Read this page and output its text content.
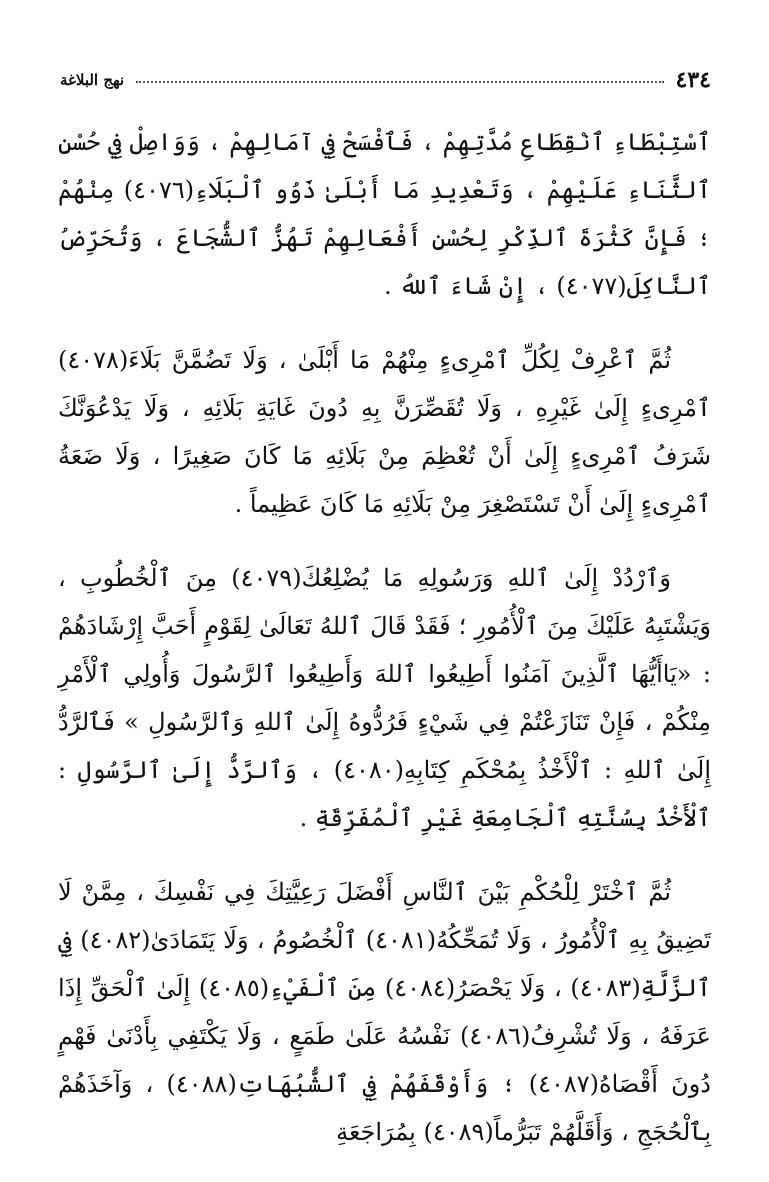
٤٣٤
نهج البلاغة

ٱسْتِبْطَاءِ ٱنْقِطَاعِ مُدَّتِهِمْ ، فَٱفْسَحْ فِي آمَالِهِمْ ، وَوَاصِلْ فِي حُسْنِ ٱلثَّنَاءِ عَلَيْهِمْ ، وَتَعْدِيدِ مَا أَبْلَىٰ ذَوُو ٱلْبَلَاءِ(٤٠٧٦) مِنْهُمْ ؛ فَإِنَّ كَثْرَةَ ٱلذِّكْرِ لِحُسْنِ أَفْعَالِهِمْ تَهُزُّ ٱلشُّجَاعَ ، وَتُحَرِّضُ ٱلنَّاكِلَ(٤٠٧٧) ، إِنْ شَاءَ ٱللهُ .

ثُمَّ ٱعْرِفْ لِكُلِّ ٱمْرِىءٍ مِنْهُمْ مَا أَبْلَىٰ ، وَلَا تَضُمَّنَّ بَلَاءَ(٤٠٧٨) ٱمْرِىءٍ إِلَىٰ غَيْرِهِ ، وَلَا تُقَصِّرَنَّ بِهِ دُونَ غَايَةِ بَلَائِهِ ، وَلَا يَدْعُوَنَّكَ شَرَفُ ٱمْرِىءٍ إِلَىٰ أَنْ تُعْظِمَ مِنْ بَلَائِهِ مَا كَانَ صَغِيرًا ، وَلَا ضَعَةُ ٱمْرِىءٍ إِلَىٰ أَنْ تَسْتَصْغِرَ مِنْ بَلَائِهِ مَا كَانَ عَظِيماً .

وَٱرْدُدْ إِلَىٰ ٱللهِ وَرَسُولِهِ مَا يُضْلِعُكَ(٤٠٧٩) مِنَ ٱلْخُطُوبِ ، وَيَشْتَبِهُ عَلَيْكَ مِنَ ٱلْأُمُورِ ؛ فَقَدْ قَالَ ٱللهُ تَعَالَىٰ لِقَوْمٍ أَحَبَّ إِرْشَادَهُمْ : «يَاأَيُّهَا ٱلَّذِينَ آمَنُوا أَطِيعُوا ٱللهَ وَأَطِيعُوا ٱلرَّسُولَ وَأُولِي ٱلْأَمْرِ مِنْكُمْ ، فَإِنْ تَنَازَعْتُمْ فِي شَيْءٍ فَرُدُّوهُ إِلَىٰ ٱللهِ وَٱلرَّسُولِ » فَٱلرَّدُّ إِلَىٰ ٱللهِ : ٱلْأَخْذُ بِمُحْكَمِ كِتَابِهِ(٤٠٨٠) ، وَٱلرَّدُّ إِلَىٰ ٱلرَّسُولِ : ٱلْأَخْذُ بِسُنَّتِهِ ٱلْجَامِعَةِ غَيْرِ ٱلْمُفَرِّقَةِ .

ثُمَّ ٱخْتَرْ لِلْحُكْمِ بَيْنَ ٱلنَّاسِ أَفْضَلَ رَعِيَّتِكَ فِي نَفْسِكَ ، مِمَّنْ لَا تَضِيقُ بِهِ ٱلْأُمُورُ ، وَلَا تُمَحِّكُهُ(٤٠٨١) ٱلْخُصُومُ ، وَلَا يَتَمَادَىٰ(٤٠٨٢) فِي ٱلزَّلَّةِ(٤٠٨٣) ، وَلَا يَحْصَرُ(٤٠٨٤) مِنَ ٱلْفَيْءِ(٤٠٨٥) إِلَىٰ ٱلْحَقِّ إِذَا عَرَفَهُ ، وَلَا تُشْرِفُ(٤٠٨٦) نَفْسُهُ عَلَىٰ طَمَعٍ ، وَلَا يَكْتَفِي بِأَدْنَىٰ فَهْمٍ دُونَ أَقْصَاهُ(٤٠٨٧) ؛ وَأَوْقَفَهُمْ فِي ٱلشُّبُهَاتِ(٤٠٨٨) ، وَآخَذَهُمْ بِٱلْحُجَجِ ، وَأَقَلَّهُمْ تَبَرُّماً(٤٠٨٩) بِمُرَاجَعَةِ
